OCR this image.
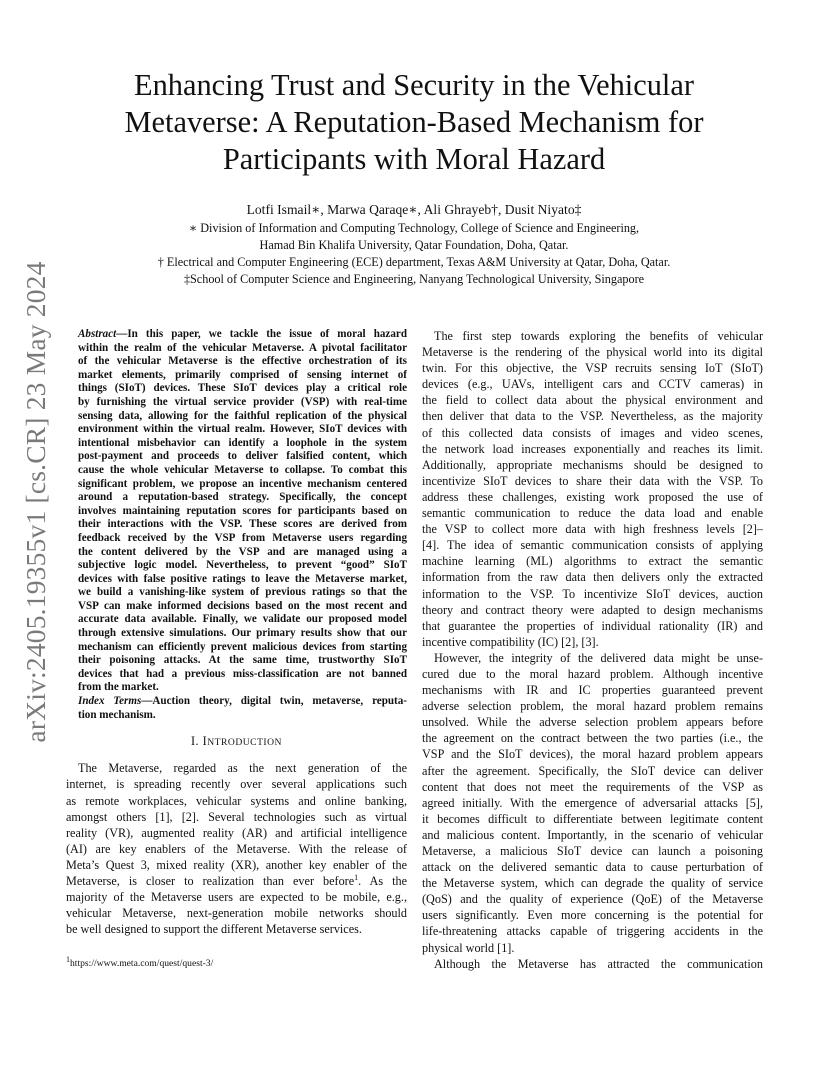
arXiv:2405.19355v1 [cs.CR] 23 May 2024
Enhancing Trust and Security in the Vehicular
Metaverse: A Reputation-Based Mechanism for
Participants with Moral Hazard
Lotfi Ismail∗, Marwa Qaraqe∗, Ali Ghrayeb†, Dusit Niyato‡
∗ Division of Information and Computing Technology, College of Science and Engineering,
Hamad Bin Khalifa University, Qatar Foundation, Doha, Qatar.
† Electrical and Computer Engineering (ECE) department, Texas A&M University at Qatar, Doha, Qatar.
‡School of Computer Science and Engineering, Nanyang Technological University, Singapore
Abstract—In this paper, we tackle the issue of moral hazard
within the realm of the vehicular Metaverse. A pivotal facilitator
of the vehicular Metaverse is the effective orchestration of its
market elements, primarily comprised of sensing internet of
things (SIoT) devices. These SIoT devices play a critical role
by furnishing the virtual service provider (VSP) with real-time
sensing data, allowing for the faithful replication of the physical
environment within the virtual realm. However, SIoT devices with
intentional misbehavior can identify a loophole in the system
post-payment and proceeds to deliver falsified content, which
cause the whole vehicular Metaverse to collapse. To combat this
significant problem, we propose an incentive mechanism centered
around a reputation-based strategy. Specifically, the concept
involves maintaining reputation scores for participants based on
their interactions with the VSP. These scores are derived from
feedback received by the VSP from Metaverse users regarding
the content delivered by the VSP and are managed using a
subjective logic model. Nevertheless, to prevent “good” SIoT
devices with false positive ratings to leave the Metaverse market,
we build a vanishing-like system of previous ratings so that the
VSP can make informed decisions based on the most recent and
accurate data available. Finally, we validate our proposed model
through extensive simulations. Our primary results show that our
mechanism can efficiently prevent malicious devices from starting
their poisoning attacks. At the same time, trustworthy SIoT
devices that had a previous miss-classification are not banned
from the market.
Index Terms—Auction theory, digital twin, metaverse, reputa-
tion mechanism.
I. INTRODUCTION
The Metaverse, regarded as the next generation of the
internet, is spreading recently over several applications such
as remote workplaces, vehicular systems and online banking,
amongst others [1], [2]. Several technologies such as virtual
reality (VR), augmented reality (AR) and artificial intelligence
(AI) are key enablers of the Metaverse. With the release of
Meta’s Quest 3, mixed reality (XR), another key enabler of the
Metaverse, is closer to realization than ever before$^1$. As the
majority of the Metaverse users are expected to be mobile, e.g.,
vehicular Metaverse, next-generation mobile networks should
be well designed to support the different Metaverse services.
$^1$https://www.meta.com/quest/quest-3/
The first step towards exploring the benefits of vehicular
Metaverse is the rendering of the physical world into its digital
twin. For this objective, the VSP recruits sensing IoT (SIoT)
devices (e.g., UAVs, intelligent cars and CCTV cameras) in
the field to collect data about the physical environment and
then deliver that data to the VSP. Nevertheless, as the majority
of this collected data consists of images and video scenes,
the network load increases exponentially and reaches its limit.
Additionally, appropriate mechanisms should be designed to
incentivize SIoT devices to share their data with the VSP. To
address these challenges, existing work proposed the use of
semantic communication to reduce the data load and enable
the VSP to collect more data with high freshness levels [2]–
[4]. The idea of semantic communication consists of applying
machine learning (ML) algorithms to extract the semantic
information from the raw data then delivers only the extracted
information to the VSP. To incentivize SIoT devices, auction
theory and contract theory were adapted to design mechanisms
that guarantee the properties of individual rationality (IR) and
incentive compatibility (IC) [2], [3].
However, the integrity of the delivered data might be unse-
cured due to the moral hazard problem. Although incentive
mechanisms with IR and IC properties guaranteed prevent
adverse selection problem, the moral hazard problem remains
unsolved. While the adverse selection problem appears before
the agreement on the contract between the two parties (i.e., the
VSP and the SIoT devices), the moral hazard problem appears
after the agreement. Specifically, the SIoT device can deliver
content that does not meet the requirements of the VSP as
agreed initially. With the emergence of adversarial attacks [5],
it becomes difficult to differentiate between legitimate content
and malicious content. Importantly, in the scenario of vehicular
Metaverse, a malicious SIoT device can launch a poisoning
attack on the delivered semantic data to cause perturbation of
the Metaverse system, which can degrade the quality of service
(QoS) and the quality of experience (QoE) of the Metaverse
users significantly. Even more concerning is the potential for
life-threatening attacks capable of triggering accidents in the
physical world [1].
Although the Metaverse has attracted the communication
